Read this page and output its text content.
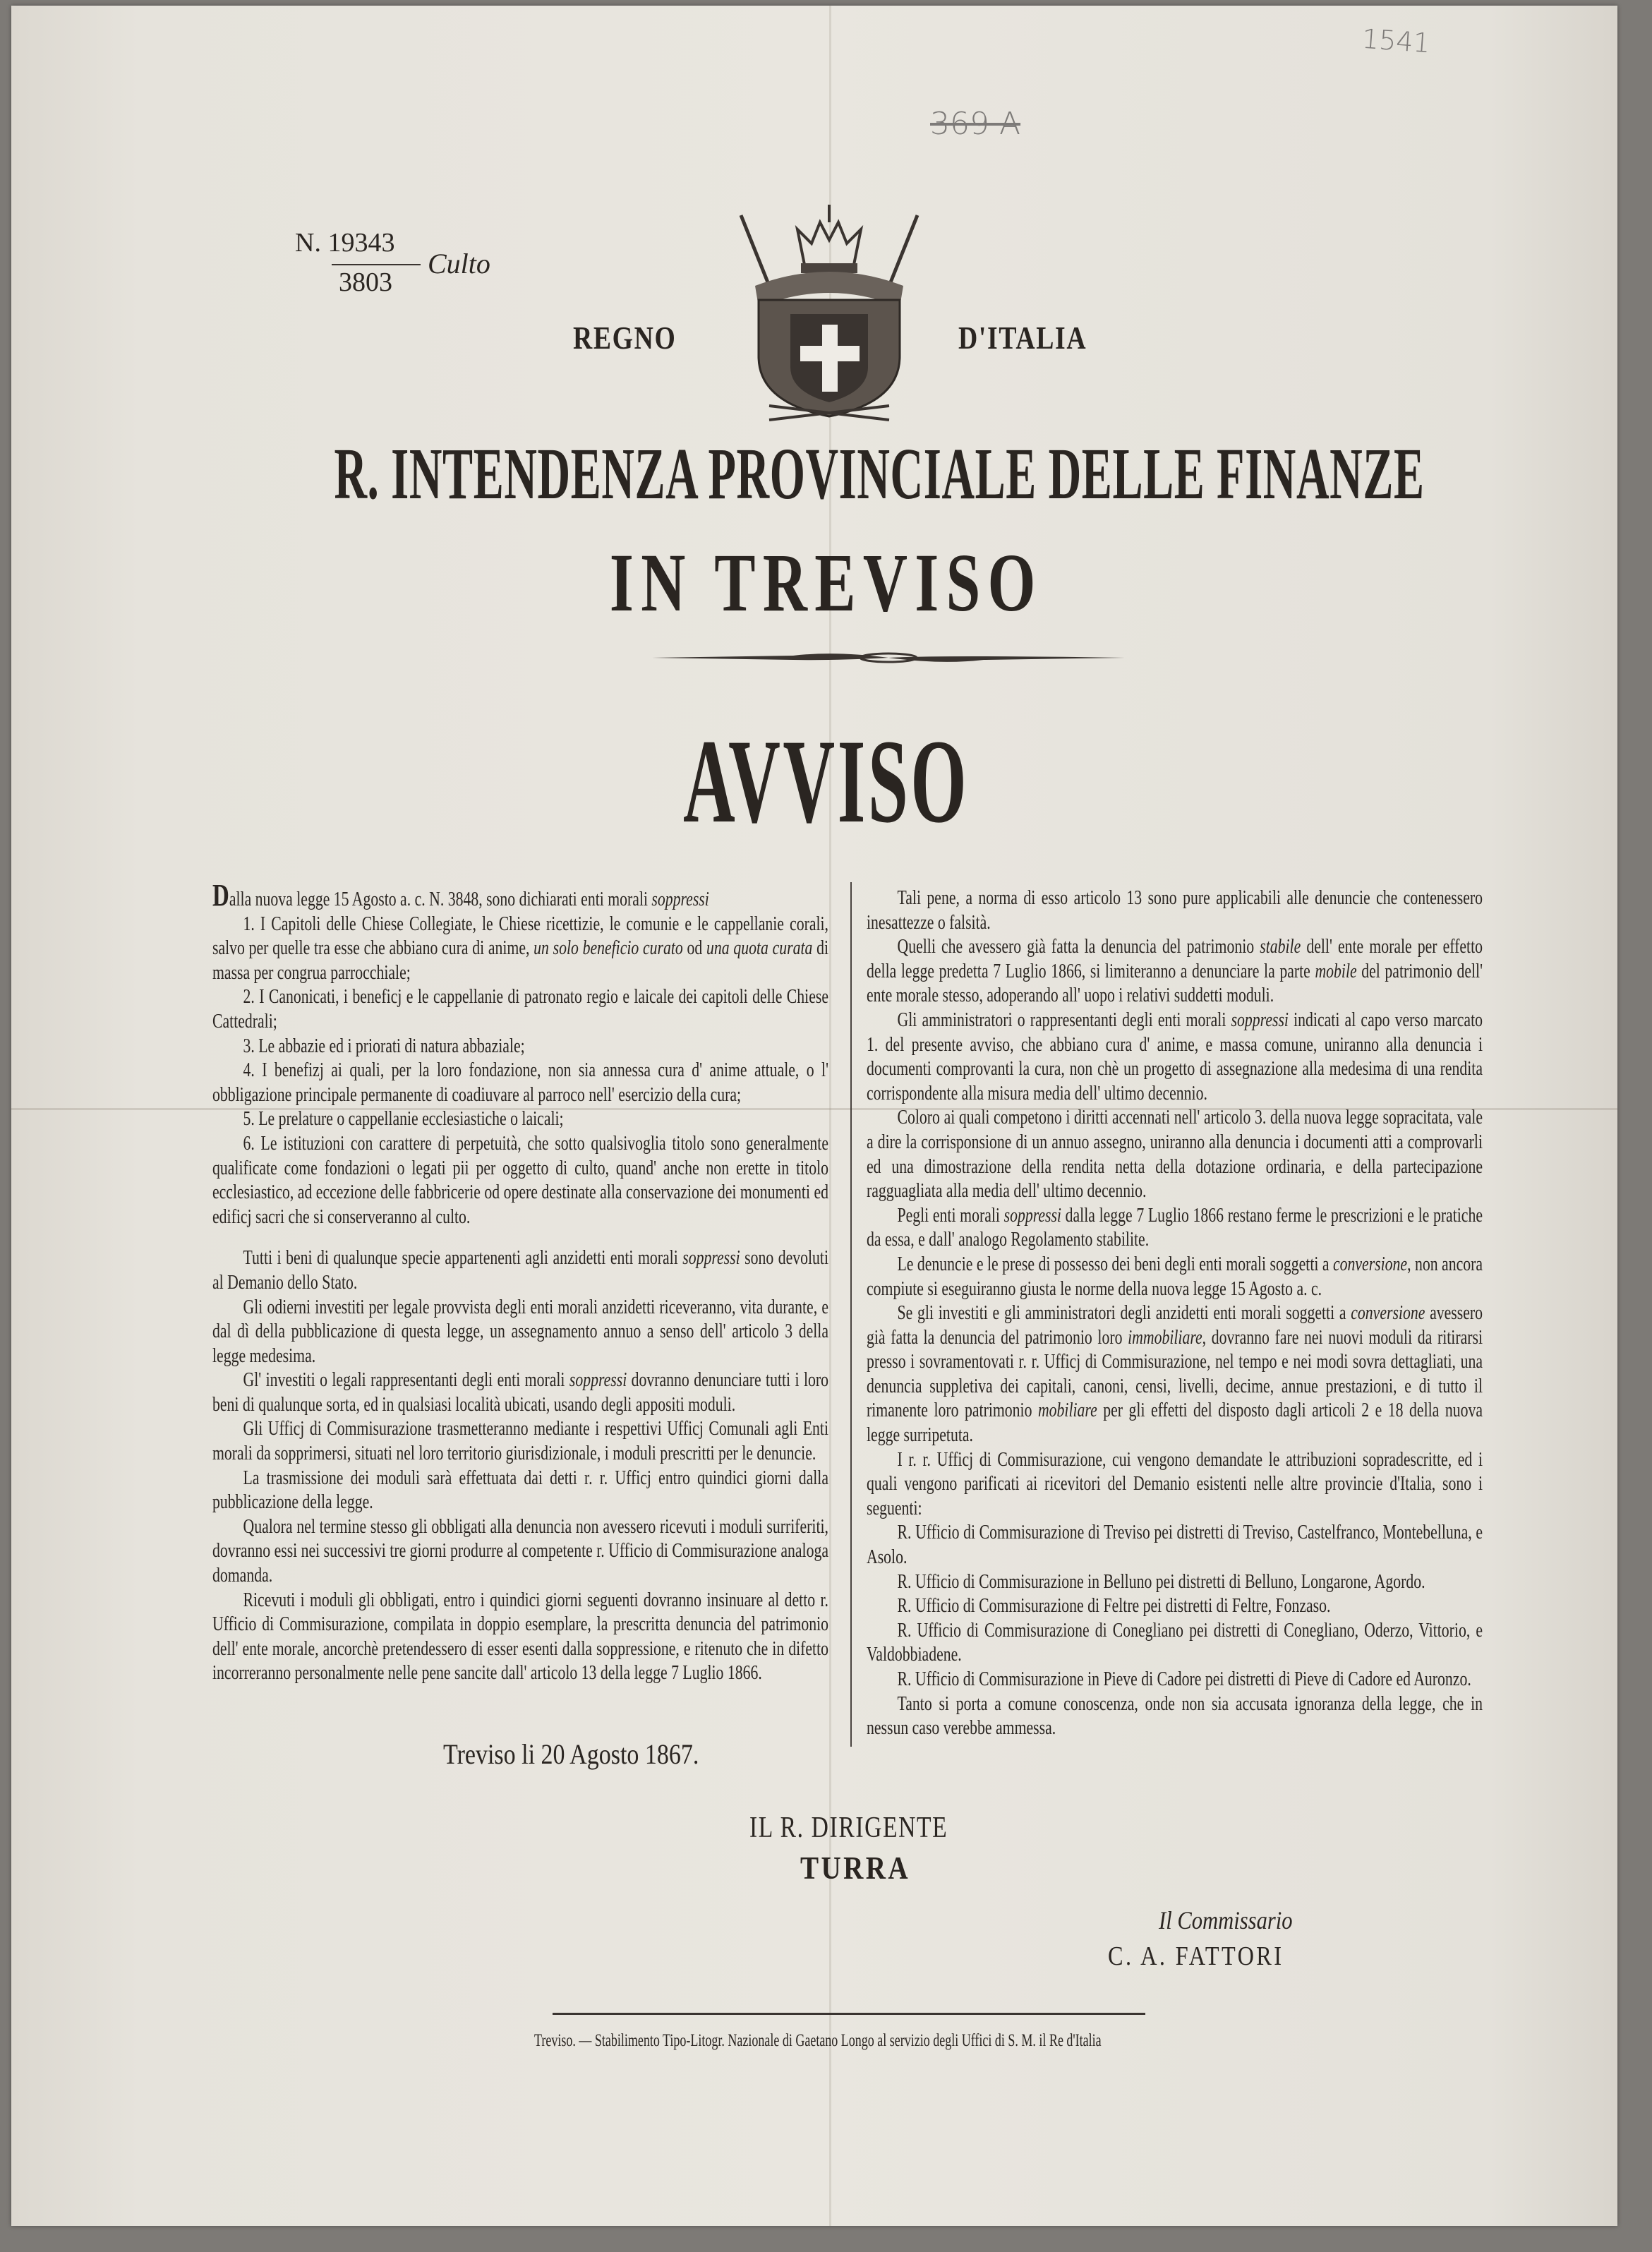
1541
369 A
N. 19343
3803
Culto
REGNO	D'ITALIA
R. INTENDENZA PROVINCIALE DELLE FINANZE
IN TREVISO
AVVISO

Dalla nuova legge 15 Agosto a. c. N. 3848, sono dichiarati enti morali soppressi

1. I Capitoli delle Chiese Collegiate, le Chiese ricettizie, le comunie e le cappellanie corali, salvo per quelle tra esse che abbiano cura di anime, un solo beneficio curato od una quota curata di massa per congrua parrocchiale;

2. I Canonicati, i beneficj e le cappellanie di patronato regio e laicale dei capitoli delle Chiese Cattedrali;

3. Le abbazie ed i priorati di natura abbaziale;

4. I benefizj ai quali, per la loro fondazione, non sia annessa cura d' anime attuale, o l' obbligazione principale permanente di coadiuvare al parroco nell' esercizio della cura;

5. Le prelature o cappellanie ecclesiastiche o laicali;

6. Le istituzioni con carattere di perpetuità, che sotto qualsivoglia titolo sono generalmente qualificate come fondazioni o legati pii per oggetto di culto, quand' anche non erette in titolo ecclesiastico, ad eccezione delle fabbricerie od opere destinate alla conservazione dei monumenti ed edificj sacri che si conserveranno al culto.

Tutti i beni di qualunque specie appartenenti agli anzidetti enti morali soppressi sono devoluti al Demanio dello Stato.

Gli odierni investiti per legale provvista degli enti morali anzidetti riceveranno, vita durante, e dal dì della pubblicazione di questa legge, un assegnamento annuo a senso dell' articolo 3 della legge medesima.

Gl' investiti o legali rappresentanti degli enti morali soppressi dovranno denunciare tutti i loro beni di qualunque sorta, ed in qualsiasi località ubicati, usando degli appositi moduli.

Gli Ufficj di Commisurazione trasmetteranno mediante i respettivi Ufficj Comunali agli Enti morali da sopprimersi, situati nel loro territorio giurisdizionale, i moduli prescritti per le denuncie.

La trasmissione dei moduli sarà effettuata dai detti r. r. Ufficj entro quindici giorni dalla pubblicazione della legge.

Qualora nel termine stesso gli obbligati alla denuncia non avessero ricevuti i moduli surriferiti, dovranno essi nei successivi tre giorni produrre al competente r. Ufficio di Commisurazione analoga domanda.

Ricevuti i moduli gli obbligati, entro i quindici giorni seguenti dovranno insinuare al detto r. Ufficio di Commisurazione, compilata in doppio esemplare, la prescritta denuncia del patrimonio dell' ente morale, ancorchè pretendessero di esser esenti dalla soppressione, e ritenuto che in difetto incorreranno personalmente nelle pene sancite dall' articolo 13 della legge 7 Luglio 1866.

Tali pene, a norma di esso articolo 13 sono pure applicabili alle denuncie che contenessero inesattezze o falsità.

Quelli che avessero già fatta la denuncia del patrimonio stabile dell' ente morale per effetto della legge predetta 7 Luglio 1866, si limiteranno a denunciare la parte mobile del patrimonio dell' ente morale stesso, adoperando all' uopo i relativi suddetti moduli.

Gli amministratori o rappresentanti degli enti morali soppressi indicati al capo verso marcato 1. del presente avviso, che abbiano cura d' anime, e massa comune, uniranno alla denuncia i documenti comprovanti la cura, non chè un progetto di assegnazione alla medesima di una rendita corrispondente alla misura media dell' ultimo decennio.

Coloro ai quali competono i diritti accennati nell' articolo 3. della nuova legge sopracitata, vale a dire la corrisponsione di un annuo assegno, uniranno alla denuncia i documenti atti a comprovarli ed una dimostrazione della rendita netta della dotazione ordinaria, e della partecipazione ragguagliata alla media dell' ultimo decennio.

Pegli enti morali soppressi dalla legge 7 Luglio 1866 restano ferme le prescrizioni e le pratiche da essa, e dall' analogo Regolamento stabilite.

Le denuncie e le prese di possesso dei beni degli enti morali soggetti a conversione, non ancora compiute si eseguiranno giusta le norme della nuova legge 15 Agosto a. c.

Se gli investiti e gli amministratori degli anzidetti enti morali soggetti a conversione avessero già fatta la denuncia del patrimonio loro immobiliare, dovranno fare nei nuovi moduli da ritirarsi presso i sovramentovati r. r. Ufficj di Commisurazione, nel tempo e nei modi sovra dettagliati, una denuncia suppletiva dei capitali, canoni, censi, livelli, decime, annue prestazioni, e di tutto il rimanente loro patrimonio mobiliare per gli effetti del disposto dagli articoli 2 e 18 della nuova legge surripetuta.

I r. r. Ufficj di Commisurazione, cui vengono demandate le attribuzioni sopradescritte, ed i quali vengono parificati ai ricevitori del Demanio esistenti nelle altre provincie d'Italia, sono i seguenti:

R. Ufficio di Commisurazione di Treviso pei distretti di Treviso, Castelfranco, Montebelluna, e Asolo.

R. Ufficio di Commisurazione in Belluno pei distretti di Belluno, Longarone, Agordo.

R. Ufficio di Commisurazione di Feltre pei distretti di Feltre, Fonzaso.

R. Ufficio di Commisurazione di Conegliano pei distretti di Conegliano, Oderzo, Vittorio, e Valdobbiadene.

R. Ufficio di Commisurazione in Pieve di Cadore pei distretti di Pieve di Cadore ed Auronzo.

Tanto si porta a comune conoscenza, onde non sia accusata ignoranza della legge, che in nessun caso verebbe ammessa.

Treviso li 20 Agosto 1867.
IL R. DIRIGENTE
TURRA
Il Commissario
C. A. FATTORI
Treviso. — Stabilimento Tipo-Litogr. Nazionale di Gaetano Longo al servizio degli Uffici di S. M. il Re d'Italia
